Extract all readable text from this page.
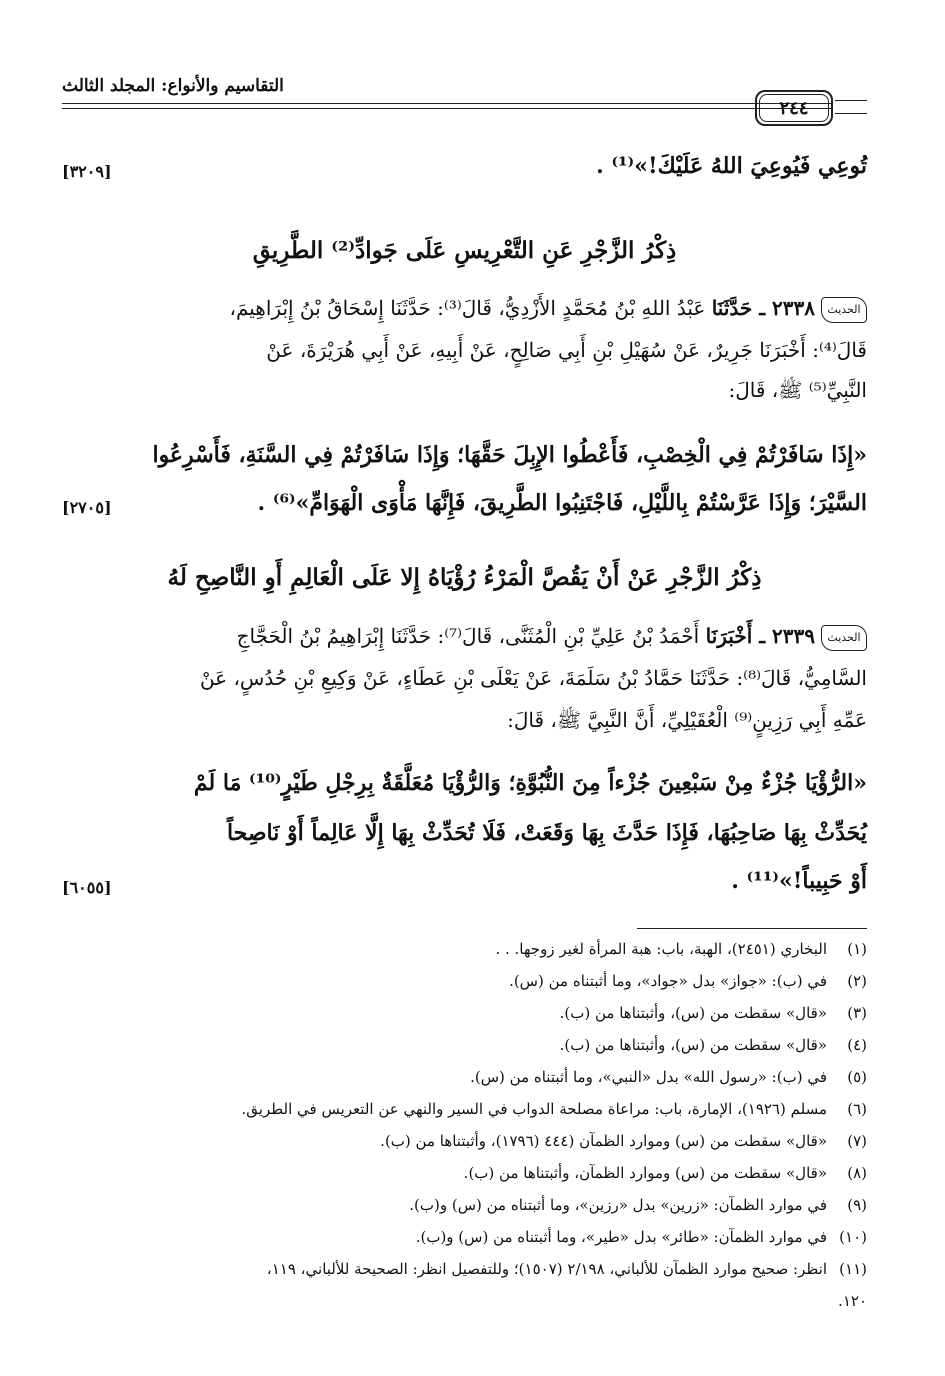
التقاسيم والأنواع: المجلد الثالث
٢٤٤
تُوعِي فَيُوعِيَ اللهُ عَلَيْكَ!»⁽¹⁾ .
[٣٢٠٩]
ذِكْرُ الزَّجْرِ عَنِ التَّعْرِيسِ عَلَى جَوادِّ⁽²⁾ الطَّرِيقِ
الحديث٢٣٣٨ ـ حَدَّثَنَا عَبْدُ اللهِ بْنُ مُحَمَّدٍ الأَزْدِيُّ، قَالَ⁽³⁾: حَدَّثَنَا إِسْحَاقُ بْنُ إِبْرَاهِيمَ،
قَالَ⁽⁴⁾: أَخْبَرَنَا جَرِيرٌ، عَنْ سُهَيْلِ بْنِ أَبِي صَالِحٍ، عَنْ أَبِيهِ، عَنْ أَبِي هُرَيْرَةَ، عَنْ
النَّبِيِّ⁽⁵⁾ ﷺ، قَالَ:
«إِذَا سَافَرْتُمْ فِي الْخِصْبِ، فَأَعْطُوا الإِبِلَ حَقَّهَا؛ وَإِذَا سَافَرْتُمْ فِي السَّنَةِ، فَأَسْرِعُوا
السَّيْرَ؛ وَإِذَا عَرَّسْتُمْ بِاللَّيْلِ، فَاجْتَنِبُوا الطَّرِيقَ، فَإِنَّهَا مَأْوَى الْهَوَامِّ»⁽⁶⁾ .
[٢٧٠٥]
ذِكْرُ الزَّجْرِ عَنْ أَنْ يَقُصَّ الْمَرْءُ رُؤْيَاهُ إِلا عَلَى الْعَالِمِ أَوِ النَّاصِحِ لَهُ
الحديث٢٣٣٩ ـ أَخْبَرَنَا أَحْمَدُ بْنُ عَلِيِّ بْنِ الْمُثَنَّى، قَالَ⁽⁷⁾: حَدَّثَنَا إِبْرَاهِيمُ بْنُ الْحَجَّاجِ
السَّامِيُّ، قَالَ⁽⁸⁾: حَدَّثَنَا حَمَّادُ بْنُ سَلَمَةَ، عَنْ يَعْلَى بْنِ عَطَاءٍ، عَنْ وَكِيعِ بْنِ حُدُسٍ، عَنْ
عَمِّهِ أَبِي رَزِينٍ⁽⁹⁾ الْعُقَيْلِيِّ، أَنَّ النَّبِيَّ ﷺ، قَالَ:
«الرُّؤْيَا جُزْءٌ مِنْ سَبْعِينَ جُزْءاً مِنَ النُّبُوَّةِ؛ وَالرُّؤْيَا مُعَلَّقَةٌ بِرِجْلِ طَيْرٍ⁽¹⁰⁾ مَا لَمْ
يُحَدِّثْ بِهَا صَاحِبُهَا، فَإِذَا حَدَّثَ بِهَا وَقَعَتْ، فَلَا تُحَدِّثْ بِهَا إِلَّا عَالِماً أَوْ نَاصِحاً
أَوْ حَبِيباً!»⁽¹¹⁾ .
[٦٠٥٥]
(١)البخاري (٢٤٥١)، الهبة، باب: هبة المرأة لغير زوجها. . .
(٢)في (ب): «جواز» بدل «جواد»، وما أثبتناه من (س).
(٣)«قال» سقطت من (س)، وأثبتناها من (ب).
(٤)«قال» سقطت من (س)، وأثبتناها من (ب).
(٥)في (ب): «رسول الله» بدل «النبي»، وما أثبتناه من (س).
(٦)مسلم (١٩٢٦)، الإمارة، باب: مراعاة مصلحة الدواب في السير والنهي عن التعريس في الطريق.
(٧)«قال» سقطت من (س) وموارد الظمآن (٤٤٤ (١٧٩٦)، وأثبتناها من (ب).
(٨)«قال» سقطت من (س) وموارد الظمآن، وأثبتناها من (ب).
(٩)في موارد الظمآن: «زرين» بدل «رزين»، وما أثبتناه من (س) و(ب).
(١٠)في موارد الظمآن: «طائر» بدل «طير»، وما أثبتناه من (س) و(ب).
(١١)انظر: صحيح موارد الظمآن للألباني، ٢/١٩٨ (١٥٠٧)؛ وللتفصيل انظر: الصحيحة للألباني، ١١٩،
١٢٠.
